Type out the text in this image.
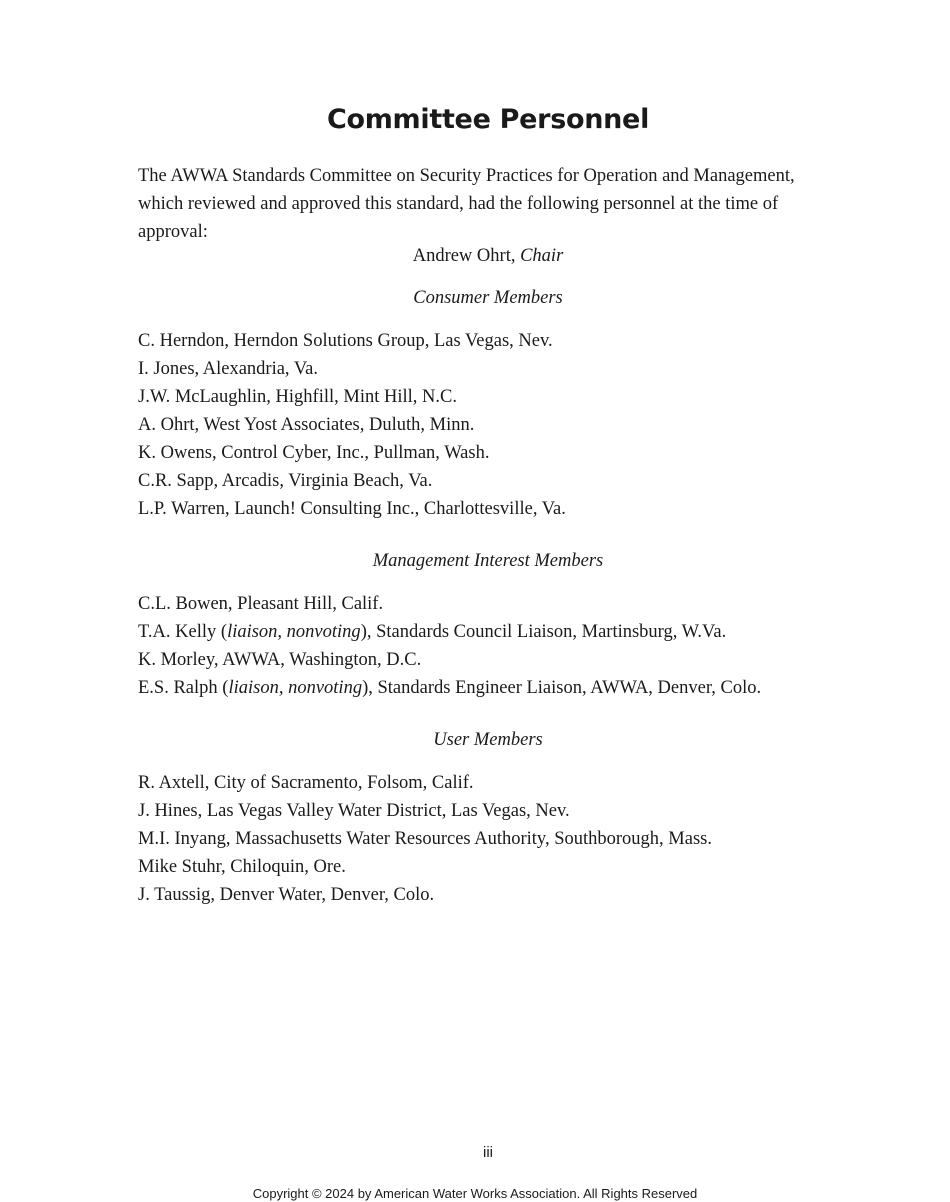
Committee Personnel

The AWWA Standards Committee on Security Practices for Operation and Management, which reviewed and approved this standard, had the following personnel at the time of approval:

Andrew Ohrt, Chair

Consumer Members

C. Herndon, Herndon Solutions Group, Las Vegas, Nev.
I. Jones, Alexandria, Va.
J.W. McLaughlin, Highfill, Mint Hill, N.C.
A. Ohrt, West Yost Associates, Duluth, Minn.
K. Owens, Control Cyber, Inc., Pullman, Wash.
C.R. Sapp, Arcadis, Virginia Beach, Va.
L.P. Warren, Launch! Consulting Inc., Charlottesville, Va.

Management Interest Members

C.L. Bowen, Pleasant Hill, Calif.
T.A. Kelly (liaison, nonvoting), Standards Council Liaison, Martinsburg, W.Va.
K. Morley, AWWA, Washington, D.C.
E.S. Ralph (liaison, nonvoting), Standards Engineer Liaison, AWWA, Denver, Colo.

User Members

R. Axtell, City of Sacramento, Folsom, Calif.
J. Hines, Las Vegas Valley Water District, Las Vegas, Nev.
M.I. Inyang, Massachusetts Water Resources Authority, Southborough, Mass.
Mike Stuhr, Chiloquin, Ore.
J. Taussig, Denver Water, Denver, Colo.

iii

Copyright © 2024 by American Water Works Association. All Rights Reserved
